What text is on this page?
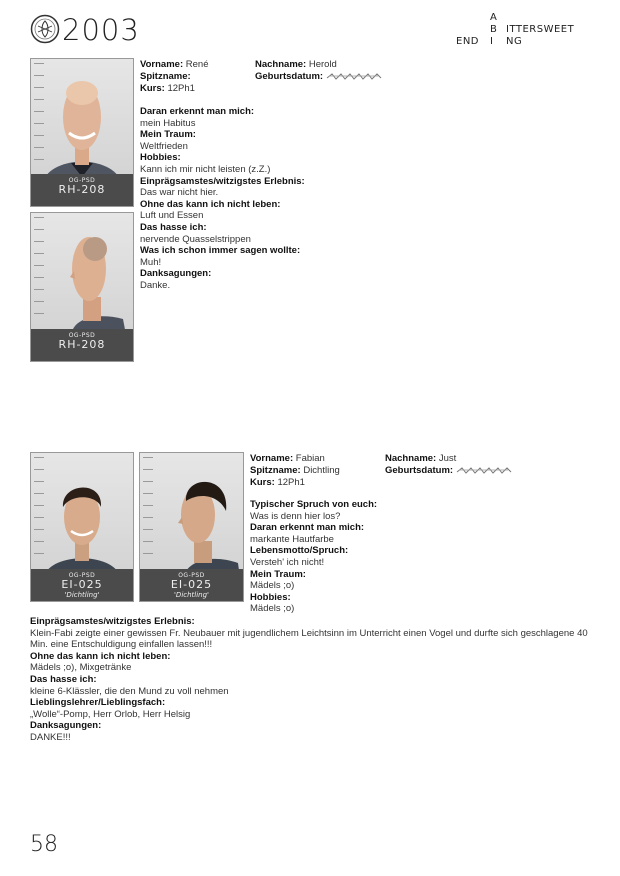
2003	A
B ITTERSWEET
END I NG
OG-PSD
RH-208
OG-PSD
RH-208
Vorname: René	Nachname: Herold
Spitzname:	Geburtsdatum:
Kurs: 12Ph1
Daran erkennt man mich:
mein Habitus
Mein Traum:
Weltfrieden
Hobbies:
Kann ich mir nicht leisten (z.Z.)
Einprägsamstes/witzigstes Erlebnis:
Das war nicht hier.
Ohne das kann ich nicht leben:
Luft und Essen
Das hasse ich:
nervende Quasselstrippen
Was ich schon immer sagen wollte:
Muh!
Danksagungen:
Danke.
OG-PSD
EI-025
'Dichtling'
OG-PSD
EI-025
'Dichtling'
Vorname: Fabian	Nachname: Just
Spitzname: Dichtling	Geburtsdatum:
Kurs: 12Ph1
Typischer Spruch von euch:
Was is denn hier los?
Daran erkennt man mich:
markante Hautfarbe
Lebensmotto/Spruch:
Versteh' ich nicht!
Mein Traum:
Mädels ;o)
Hobbies:
Mädels ;o)
Einprägsamstes/witzigstes Erlebnis:
Klein-Fabi zeigte einer gewissen Fr. Neubauer mit jugendlichem Leichtsinn im Unterricht einen Vogel und durfte sich geschlagene 40 Min. eine Entschuldigung einfallen lassen!!!
Ohne das kann ich nicht leben:
Mädels ;o), Mixgetränke
Das hasse ich:
kleine 6-Klässler, die den Mund zu voll nehmen
Lieblingslehrer/Lieblingsfach:
„Wolle“-Pomp, Herr Orlob, Herr Helsig
Danksagungen:
DANKE!!!
58
